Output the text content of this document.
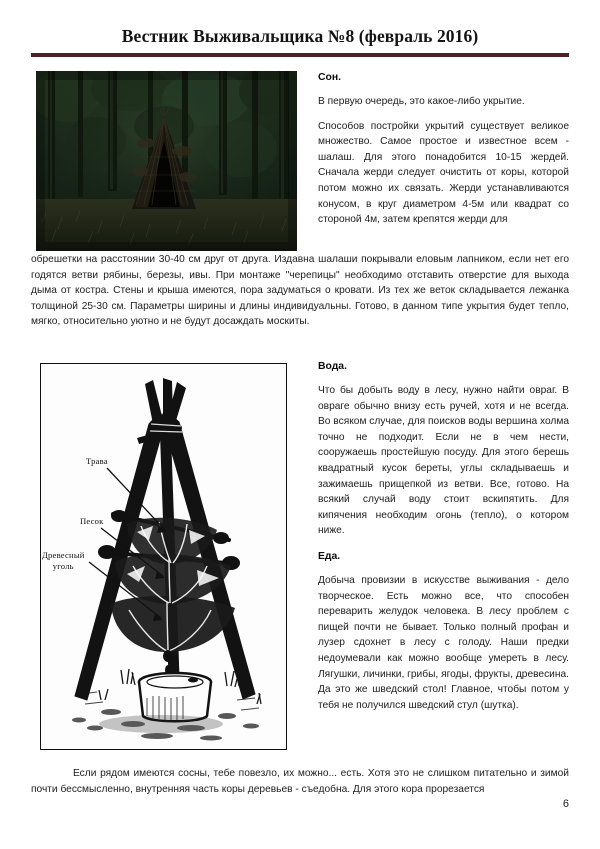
Вестник Выживальщика №8 (февраль 2016)
Сон.

В первую очередь, это какое-либо укрытие.

Способов постройки укрытий существует великое множество. Самое простое и известное всем - шалаш. Для этого понадобится 10-15 жердей. Сначала жерди следует очистить от коры, которой потом можно их связать. Жерди устанавливаются конусом, в круг диаметром 4-5м или квадрат со стороной 4м, затем крепятся жерди для

обрешетки на расстоянии 30-40 см друг от друга. Издавна шалаши покрывали еловым лапником, если нет его годятся ветви рябины, березы, ивы. При монтаже "черепицы" необходимо отставить отверстие для выхода дыма от костра. Стены и крыша имеются, пора задуматься о кровати. Из тех же веток складывается лежанка толщиной 25-30 см. Параметры ширины и длины индивидуальны. Готово, в данном типе укрытия будет тепло, мягко, относительно уютно и не будут досаждать москиты.

Трава
Песок
Древесный
уголь
Вода.

Что бы добыть воду в лесу, нужно найти овраг. В овраге обычно внизу есть ручей, хотя и не всегда. Во всяком случае, для поисков воды вершина холма точно не подходит. Если не в чем нести, сооружаешь простейшую посуду. Для этого берешь квадратный кусок береты, углы складываешь и зажимаешь прищепкой из ветви. Все, готово. На всякий случай воду стоит вскипятить. Для кипячения необходим огонь (тепло), о котором ниже.

Еда.

Добыча провизии в искусстве выживания - дело творческое. Есть можно все, что способен переварить желудок человека. В лесу проблем с пищей почти не бывает. Только полный профан и лузер сдохнет в лесу с голоду. Наши предки недоумевали как можно вообще умереть в лесу. Лягушки, личинки, грибы, ягоды, фрукты, древесина. Да это же шведский стол! Главное, чтобы потом у тебя не получился шведский стул (шутка).

Если рядом имеются сосны, тебе повезло, их можно... есть. Хотя это не слишком питательно и зимой почти бессмысленно, внутренняя часть коры деревьев - съедобна. Для этого кора прорезается

6
